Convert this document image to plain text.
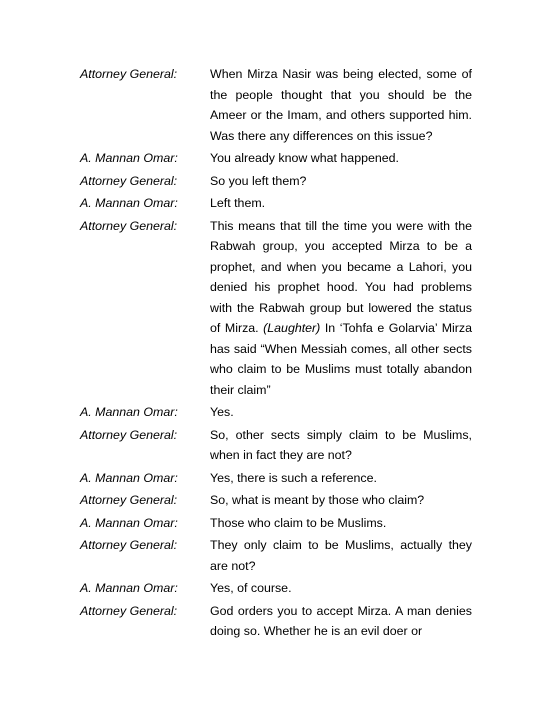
Attorney General:	When Mirza Nasir was being elected, some of the people thought that you should be the Ameer or the Imam, and others supported him. Was there any differences on this issue?
A. Mannan Omar:	You already know what happened.
Attorney General:	So you left them?
A. Mannan Omar:	Left them.
Attorney General:	This means that till the time you were with the Rabwah group, you accepted Mirza to be a prophet, and when you became a Lahori, you denied his prophet hood. You had problems with the Rabwah group but lowered the status of Mirza. (Laughter) In ‘Tohfa e Golarvia’ Mirza has said “When Messiah comes, all other sects who claim to be Muslims must totally abandon their claim”
A. Mannan Omar:	Yes.
Attorney General:	So, other sects simply claim to be Muslims, when in fact they are not?
A. Mannan Omar:	Yes, there is such a reference.
Attorney General:	So, what is meant by those who claim?
A. Mannan Omar:	Those who claim to be Muslims.
Attorney General:	They only claim to be Muslims, actually they are not?
A. Mannan Omar:	Yes, of course.
Attorney General:	God orders you to accept Mirza. A man denies doing so. Whether he is an evil doer or
